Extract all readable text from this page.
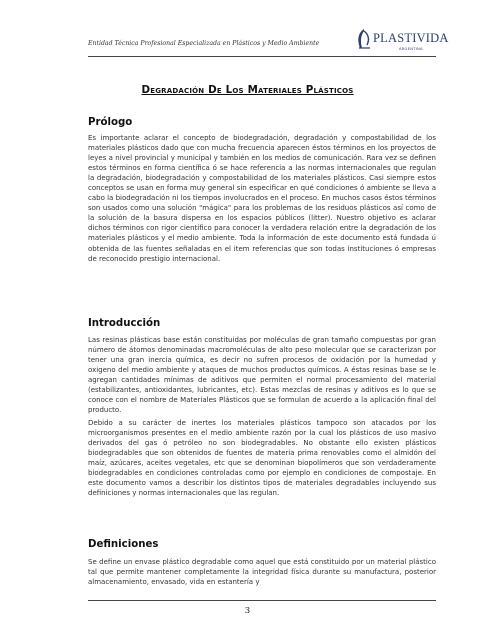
Entidad Técnica Profesional Especializada en Plásticos y Medio Ambiente	PLASTIVIDA
ARGENTINA
Degradación De Los Materiales Plásticos
Prólogo

Es importante aclarar el concepto de biodegradación, degradación y compostabilidad de los materiales plásticos dado que con mucha frecuencia aparecen éstos términos en los proyectos de leyes a nivel provincial y municipal y también en los medios de comunicación. Rara vez se definen estos términos en forma científica ó se hace referencia a las normas internacionales que regulan la degradación, biodegradación y compostabilidad de los materiales plásticos. Casi siempre estos conceptos se usan en forma muy general sin especificar en qué condiciones ó ambiente se lleva a cabo la biodegradación ni los tiempos involucrados en el proceso. En muchos casos éstos términos son usados como una solución "mágica" para los problemas de los residuos plásticos así como de la solución de la basura dispersa en los espacios públicos (litter). Nuestro objetivo es aclarar dichos términos con rigor científico para conocer la verdadera relación entre la degradación de los materiales plásticos y el medio ambiente. Toda la información de este documento está fundada ú obtenida de las fuentes señaladas en el item referencias que son todas instituciones ó empresas de reconocido prestigio internacional.

Introducción

Las resinas plásticas base están constituidas por moléculas de gran tamaño compuestas por gran número de átomos denominadas macromoléculas de alto peso molecular que se caracterizan por tener una gran inercia química, es decir no sufren procesos de oxidación por la humedad y oxigeno del medio ambiente y ataques de muchos productos químicos. A éstas resinas base se le agregan cantidades mínimas de aditivos que permiten el normal procesamiento del material (estabilizantes, antioxidantes, lubricantes, etc). Estas mezclas de resinas y aditivos es lo que se conoce con el nombre de Materiales Plásticos que se formulan de acuerdo a la aplicación final del producto.

Debido a su carácter de inertes los materiales plásticos tampoco son atacados por los microorganismos presentes en el medio ambiente razón por la cual los plásticos de uso masivo derivados del gas ó petróleo no son biodegradables. No obstante ello existen plásticos biodegradables que son obtenidos de fuentes de materia prima renovables como el almidón del maíz, azúcares, aceites vegetales, etc que se denominan biopolímeros que son verdaderamente biodegradables en condiciones controladas como por ejemplo en condiciones de compostaje. En este documento vamos a describir los distintos tipos de materiales degradables incluyendo sus definiciones y normas internacionales que las regulan.

Definiciones

Se define un envase plástico degradable como aquel que está constituido por un material plástico tal que permite mantener completamente la integridad física durante su manufactura, posterior almacenamiento, envasado, vida en estantería y

3
